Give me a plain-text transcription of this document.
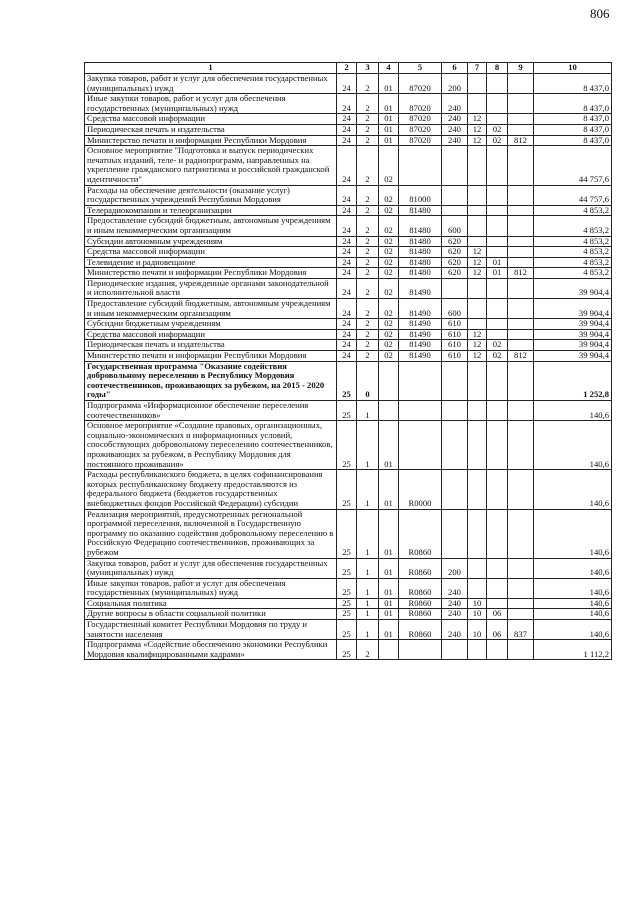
806
1	2	3	4	5	6	7	8	9	10
Закупка товаров, работ и услуг для обеспечения государственных (муниципальных) нужд	24	2	01	87020	200				8 437,0
Иные закупки товаров, работ и услуг для обеспечения государственных (муниципальных) нужд	24	2	01	87020	240				8 437,0
Средства массовой информации	24	2	01	87020	240	12			8 437,0
Периодическая печать и издательства	24	2	01	87020	240	12	02		8 437,0
Министерство печати и информации Республики Мордовия	24	2	01	87020	240	12	02	812	8 437,0
Основное мероприятие "Подготовка и выпуск периодических печатных изданий, теле- и радиопрограмм, направленных на укрепление гражданского патриотизма и российской гражданской идентичности"	24	2	02						44 757,6
Расходы на обеспечение деятельности (оказание услуг) государственных учреждений Республики Мордовия	24	2	02	81000					44 757,6
Телерадиокомпании и телеорганизации	24	2	02	81480					4 853,2
Предоставление субсидий бюджетным, автономным учреждениям и иным некоммерческим организациям	24	2	02	81480	600				4 853,2
Субсидии автономным учреждениям	24	2	02	81480	620				4 853,2
Средства массовой информации	24	2	02	81480	620	12			4 853,2
Телевидение и радиовещание	24	2	02	81480	620	12	01		4 853,2
Министерство печати и информации Республики Мордовия	24	2	02	81480	620	12	01	812	4 853,2
Периодические издания, учрежденные органами законодательной и исполнительной власти	24	2	02	81490					39 904,4
Предоставление субсидий бюджетным, автономным учреждениям и иным некоммерческим организациям	24	2	02	81490	600				39 904,4
Субсидии бюджетным учреждениям	24	2	02	81490	610				39 904,4
Средства массовой информации	24	2	02	81490	610	12			39 904,4
Периодическая печать и издательства	24	2	02	81490	610	12	02		39 904,4
Министерство печати и информации Республики Мордовия	24	2	02	81490	610	12	02	812	39 904,4
Государственная программа "Оказание содействия добровольному переселению в Республику Мордовия соотечественников, проживающих за рубежом, на 2015 - 2020 годы"	25	0							1 252,8
Подпрограмма «Информационное обеспечение переселения соотечественников»	25	1							140,6
Основное мероприятие «Создание правовых, организационных, социально-экономических и информационных условий, способствующих добровольному переселению соотечественников, проживающих за рубежом, в Республику Мордовия для постоянного проживания»	25	1	01						140,6
Расходы республиканского бюджета, в целях софинансирования которых республиканскому бюджету предоставляются из федерального бюджета (бюджетов государственных внебюджетных фондов Российской Федерации) субсидии	25	1	01	R0000					140,6
Реализация мероприятий, предусмотренных региональной программой переселения, включенной в Государственную программу по оказанию содействия добровольному переселению в Российскую Федерацию соотечественников, проживающих за рубежом	25	1	01	R0860					140,6
Закупка товаров, работ и услуг для обеспечения государственных (муниципальных) нужд	25	1	01	R0860	200				140,6
Иные закупки товаров, работ и услуг для обеспечения государственных (муниципальных) нужд	25	1	01	R0860	240				140,6
Социальная политика	25	1	01	R0860	240	10			140,6
Другие вопросы в области социальной политики	25	1	01	R0860	240	10	06		140,6
Государственный комитет Республики Мордовия по труду и занятости населения	25	1	01	R0860	240	10	06	837	140,6
Подпрограмма «Содействие обеспечению экономики Республики Мордовия квалифицированными кадрами»	25	2							1 112,2
